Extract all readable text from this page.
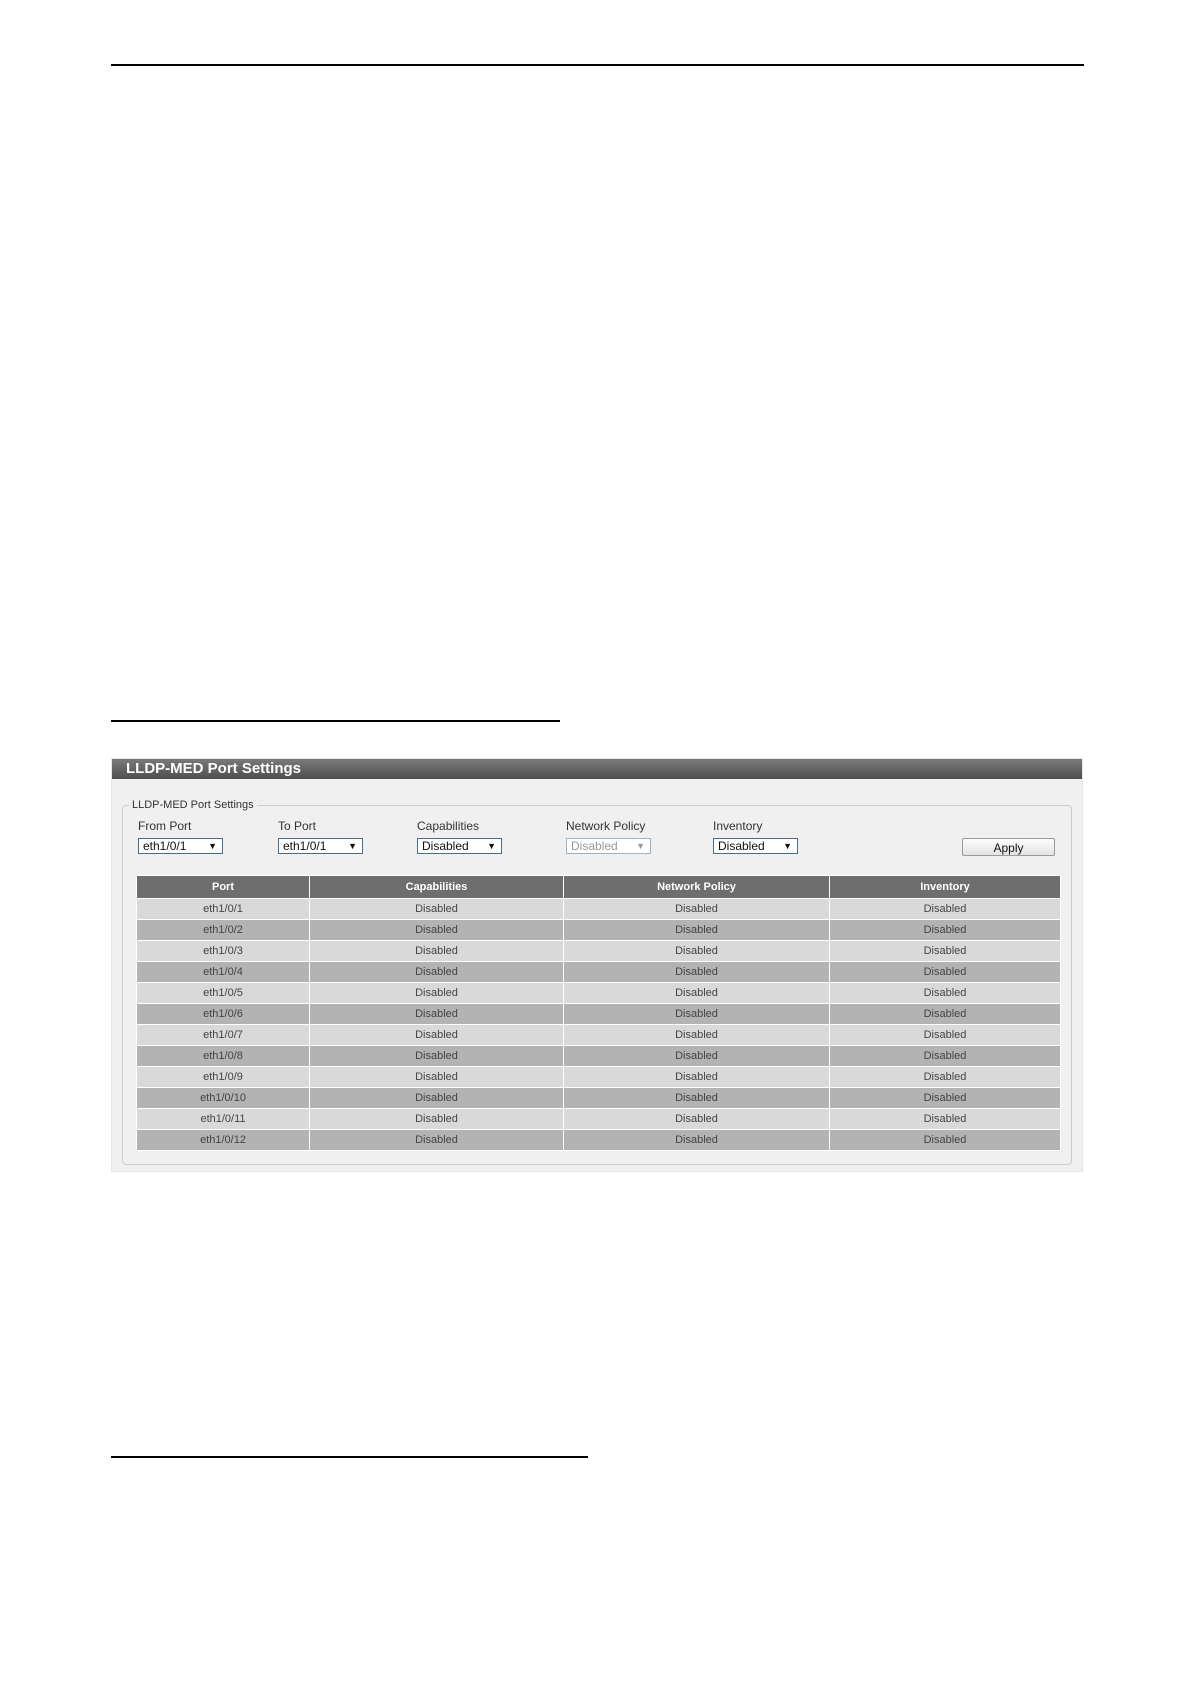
LLDP-MED Port Settings
LLDP-MED Port Settings
From Port
eth1/0/1 ▼
To Port
eth1/0/1 ▼
Capabilities
Disabled ▼
Network Policy
Disabled ▼
Inventory
Disabled ▼	Apply
Port	Capabilities	Network Policy	Inventory
eth1/0/1	Disabled	Disabled	Disabled
eth1/0/2	Disabled	Disabled	Disabled
eth1/0/3	Disabled	Disabled	Disabled
eth1/0/4	Disabled	Disabled	Disabled
eth1/0/5	Disabled	Disabled	Disabled
eth1/0/6	Disabled	Disabled	Disabled
eth1/0/7	Disabled	Disabled	Disabled
eth1/0/8	Disabled	Disabled	Disabled
eth1/0/9	Disabled	Disabled	Disabled
eth1/0/10	Disabled	Disabled	Disabled
eth1/0/11	Disabled	Disabled	Disabled
eth1/0/12	Disabled	Disabled	Disabled
